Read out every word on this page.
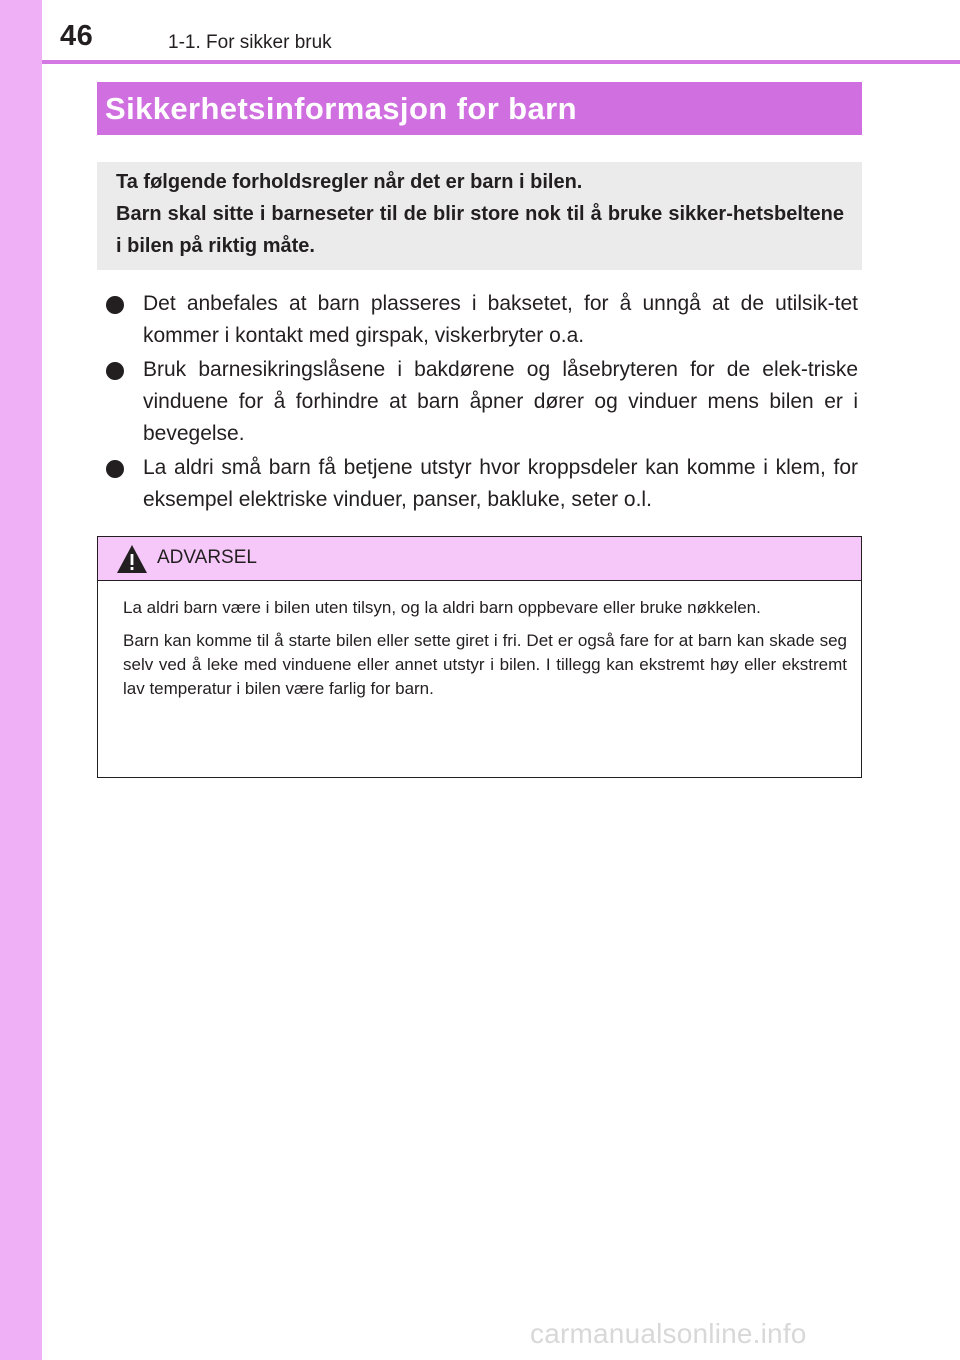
46	1-1. For sikker bruk
Sikkerhetsinformasjon for barn

Ta følgende forholdsregler når det er barn i bilen.

Barn skal sitte i barneseter til de blir store nok til å bruke sikker-hetsbeltene i bilen på riktig måte.

Det anbefales at barn plasseres i baksetet, for å unngå at de utilsik-tet kommer i kontakt med girspak, viskerbryter o.a.
Bruk barnesikringslåsene i bakdørene og låsebryteren for de elek-triske vinduene for å forhindre at barn åpner dører og vinduer mens bilen er i bevegelse.
La aldri små barn få betjene utstyr hvor kroppsdeler kan komme i klem, for eksempel elektriske vinduer, panser, bakluke, seter o.l.
ADVARSEL

La aldri barn være i bilen uten tilsyn, og la aldri barn oppbevare eller bruke nøkkelen.

Barn kan komme til å starte bilen eller sette giret i fri. Det er også fare for at barn kan skade seg selv ved å leke med vinduene eller annet utstyr i bilen. I tillegg kan ekstremt høy eller ekstremt lav temperatur i bilen være farlig for barn.

carmanualsonline.info
